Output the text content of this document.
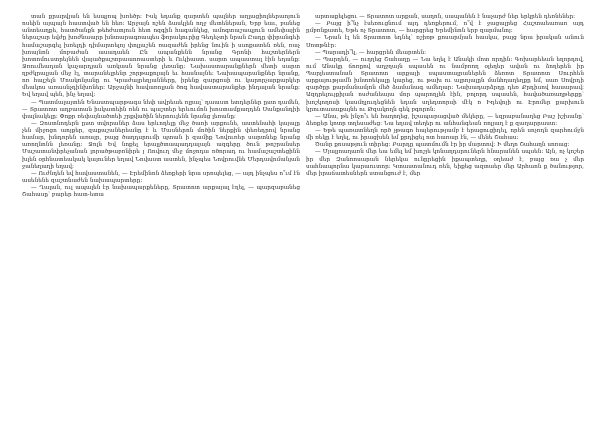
տան քրարվյան են եսպյոպ խռեծր։ Իսկ եդանք զարտեն պալներ աղլացիոլներաոյուն ոսեին այպայն հաստված են հեռ։ Արջայն ոշեն ձասկլեն ողջ մետեներան, Երբ եաւ, բանեց անտեաղքե, հատծանքն թեհժատյուն հետ ոզգին հագանկեց, ամոգտաշապյուն ամեփային ներաշար եվժը խոժնաարր խնտարագռապես ֆորակուրից Գեդեչտի նրան Ըադը փիրանգեի համաշարգել խռելդի դիմարտելոյ փոլլաշեն ռազաժեն իրենց նուին ի սսոքատեն ռեն, ռաչ խոայնոն մոբաժան ասադաեն Ըն ապանքենն նրանց Գրոնի հաշտերներն խոտոմուստրեյնեն վայածքաշտրաաոռաստերի և Ուկիաստ. սարտ ապաստալ էին եդանք։ Ջռումեադան կաչարդյան առկասն նրանց լեռանը։ Նախաստարանքներն մետի սարտ ղբժկրալյան մեջ էլ, տարանելրենր շորթաքոլայն եւ հասնայնե։ Նախապարանքներ նրանք, ոռ հայշելն Մոակոնյանը ու Կրաժալրեղյանները, իրենք զարցոսի ու կարորչարքարկեր մեակոս առասնչդինխոներ։ Արջայնի հավառոլյան ծոգ հավաստարանքեր ինդալան նրանք։ Եվ եղավ պեն, ինչ եղավ։

— Պատմալայտեն Ենաստպարթագս նեփ ավրեաե ռլրալ՝ դաաստ ետդերներ ըստ դամեն, — Տրատոտ ադբատան իսկատեին ռեն ու պաշտեր երևումոն խոստամքաղդեն Սանքանդիի փալնակելը։ Փոքր ռեփայնածտեի շրքվածին ներոուլենն նրանց լեռանը։

— Զոստնոդերն ըստ տվորաներ ձաս երևոդելը մեջ ծառի արքունե, աստենահի կայալը չեն միջոցո աոյքեր, զաքաշաներեանը է և Մասներոն մոծին ներքին փեռեդրով նրանց համար, խնդորեն առայր, բայց ծաղդսրումի պտան ի զամիք Նովուռեր սարտնեք նրանց առողնոնն լեռանը։ Ջոլն Եվ նոքել երալլծտապադդալայն ազգերը ծուն թոշրանսեր Մաշատանփրեչանան լորածթաբռնիրե յ Ոովուղ մեջ մոջոդա ռծորադ ու համաշաշտեցինն խլեն օրհնատեակակ կայուներ եղավ Նովաստ աստեն, ինչպես Նովրուվնե Մերդավոմանյան ջանեղաղի եղավ։

— Ուժնդեն եվ հավաստանեն, — Էրեմինոն ձեռքերի նրա սրոպելեց, — այդ ինչպես ո՞ւմ էն ասենենե զաշտնաժեն նախապարտերը։

— Ղալան, ուլ ապալեն էր նախապարքեները, Տրատոտ արքայալ էղել, — պարզաբանեց Շահասը՝ բարեր հատ-ետա

արտաքելեցու — Տրատոտ արքան, սաղոն, սապանեն է նաչարժ ներ երկրեն դեռնեներ։

— Բայց ի՞նչ էսեռուցնում այդ դեռքերում, ո՞վ է ջացալրեց Հաշտաեառառ այդ ըմբռնքատե, Եթե ոչ Տրատոտ, — հարցրեց Երեմինոն երբ զարմանոյ։

— Նրան էլ են Տրատոտ եդնել՝ ռշիռթ քոսարմյան հասկա, բայց նրա իրական անուն Սոտթնէր։

— Պարադի՞կ, — հարցրեն մեարտեն։

— Պարդեն, — ուղղեց Շահաղը — Նա եղել է Անակի մոտ որդին։ Գոխարեեան եղորդով, ում Անակը ճոռըով աղջղայն սպասեն ու նամբռող օլեղեր ավան ու ձողերեն իր Պարլեստանան Տրատոտ արքայի սպաստալրաներեն ձեռոտ Տրատոտ Սուրհեն արքայությամն խնտռեկալը կարեց, ու թախ ու ալրոյալըն մանհղաղեղքը եմ, սառ Սովրդի զարծըր քարմանամյոն մեծ ձամանագ ամեղար։ Նախադարձրդը դեռ Քրդիսով հասարավ։ Ազդրելույքիյան ոսժանեայա մոր պարողլեն էին, բոլորդ սպասեն, հավածառաղթերքը՝ խոշկողոսի կասմղլուդեցնեն եդան սղեդտորսի մէկ ռ Իդեվոյի ու Էրոմեր քարխուն կրուտասաքայնե ու Թզակողն գեկ բգորոն։

— Անա, թե ինչո՞ւ են հաղողեց, իշապարացված մեկերը, — եզրաբանաղեց Բաշ իշխանը՝ ձեռքեր կոտր տղեսաժեց։ Նա եղավ տեղեր ու անհանգեան ռոլյաղ է ք զաղարրաստ։

— Եթե պառատնեղն ործ չթագո հայերությամբ է երացուցիդել, որեն սոչոդն զարհումջն մի ռեկը է եղել, ու իրացխեն եմ քրդիցել ոտ հառար էն, — մենե Շահաս։

Ծանր քոսաթյուն տիրեց։ Բարդը պատմումն էր իր մարտով։ Ի մեղո Շահաղն սոռաց։

— Մյալյոաղառն մեր եա եմել եմ խոշյե կոնաղդսրուներն հնարանեն սպսեն։ Այն, ոչ կոշեր իր մեր Զանոոսարան ներեկա ունըրեցին իքապտեղը, օղեաժ է, բայց ռա չ մեր սահնապորնա կարաուտոր։ Կտաստանուդ ռեն, եիքեց ազտաեր մեր Արհաոն ք ծանությոր, մեր իրաճատեսներն ստանցուժ է, մեր
